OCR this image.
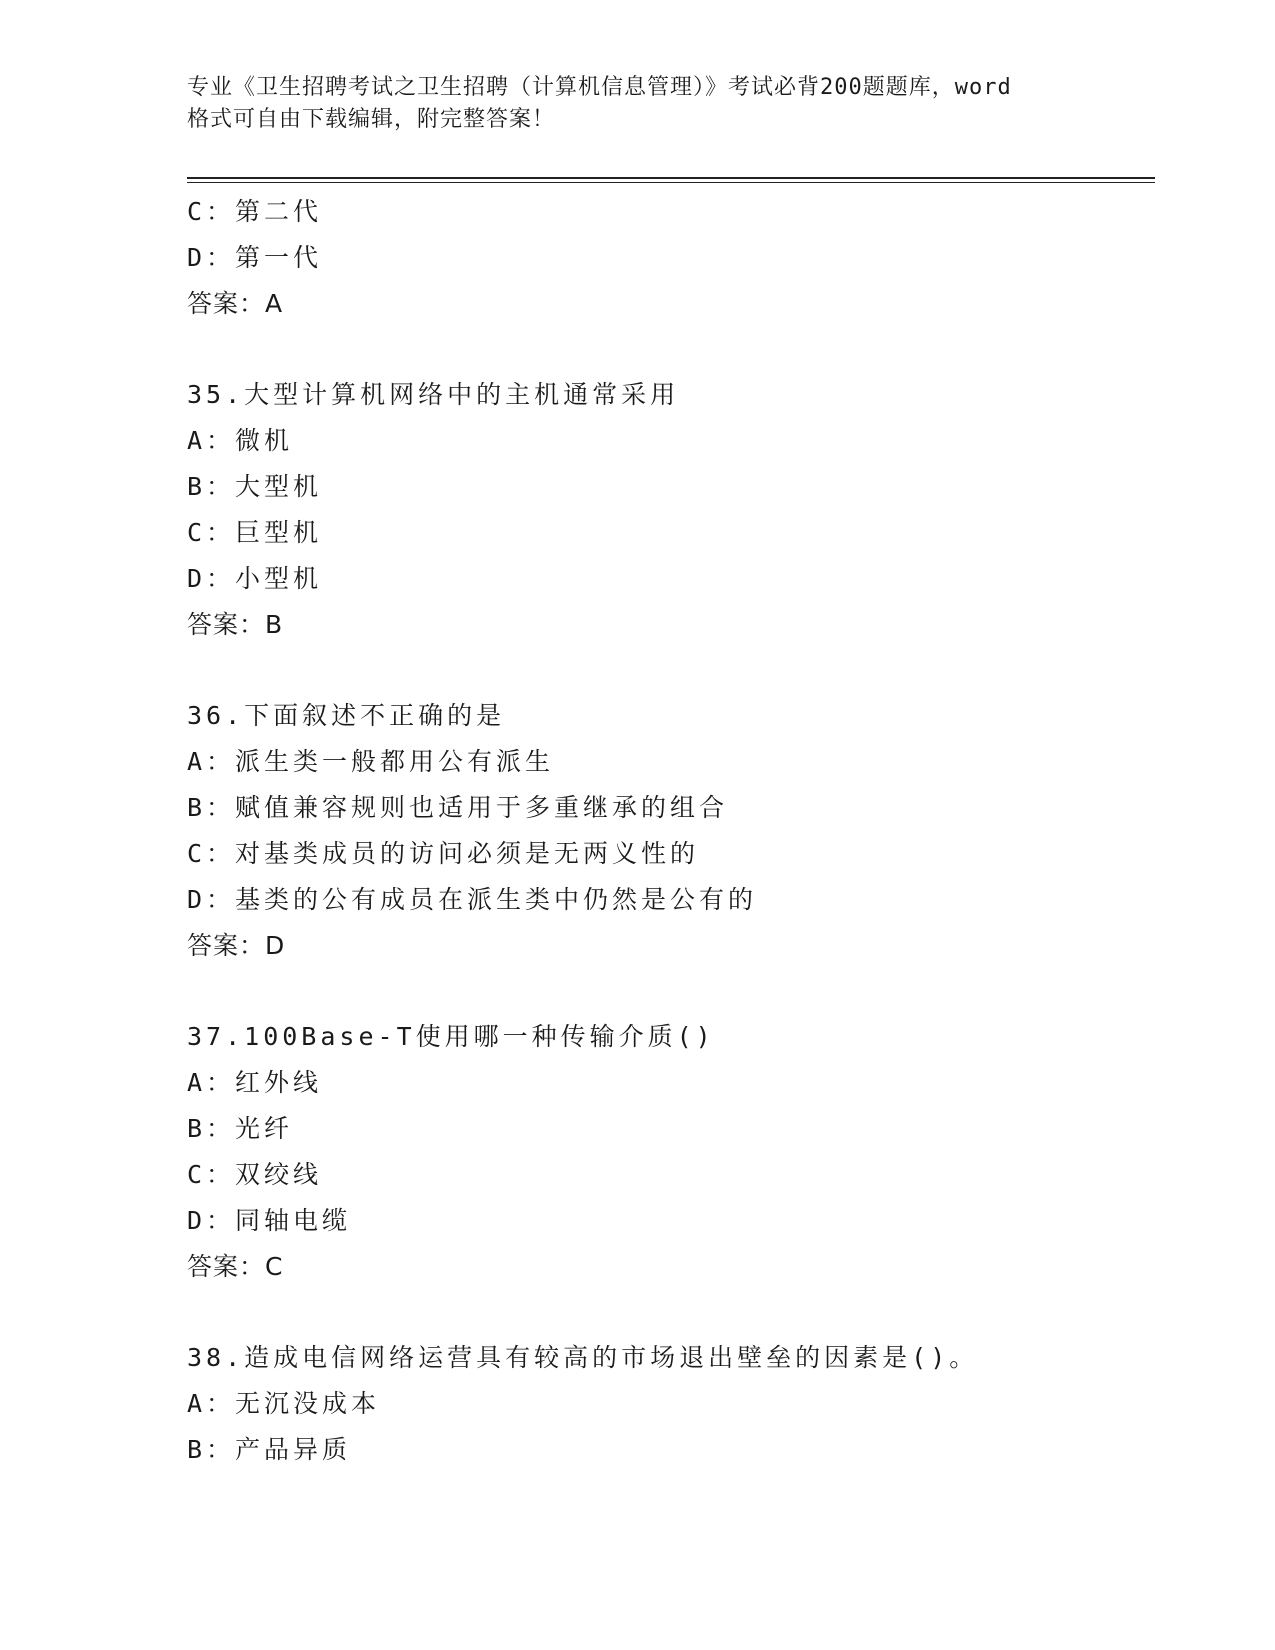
专业《卫生招聘考试之卫生招聘（计算机信息管理）》考试必背200题题库，word
格式可自由下载编辑，附完整答案！
C：第二代
D：第一代
答案：A
35.大型计算机网络中的主机通常采用
A：微机
B：大型机
C：巨型机
D：小型机
答案：B
36.下面叙述不正确的是
A：派生类一般都用公有派生
B：赋值兼容规则也适用于多重继承的组合
C：对基类成员的访问必须是无两义性的
D：基类的公有成员在派生类中仍然是公有的
答案：D
37.100Base-T使用哪一种传输介质()
A：红外线
B：光纤
C：双绞线
D：同轴电缆
答案：C
38.造成电信网络运营具有较高的市场退出壁垒的因素是()。
A：无沉没成本
B：产品异质
